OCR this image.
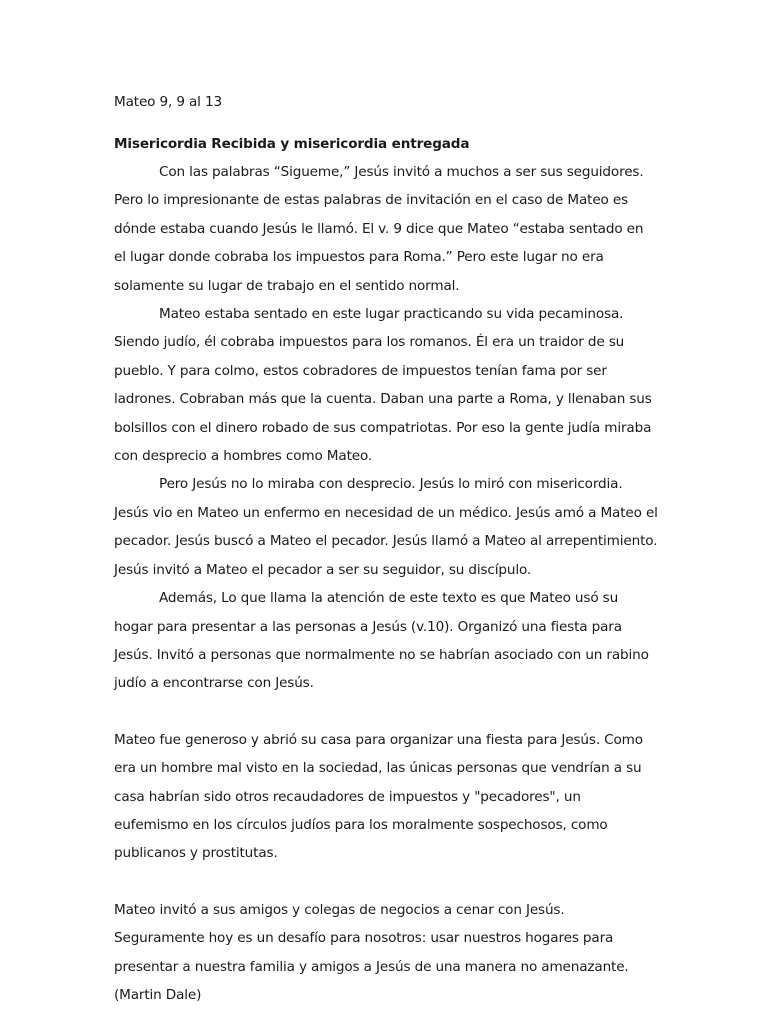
Mateo 9, 9 al 13

Misericordia Recibida y misericordia entregada

Con las palabras “Sigueme,” Jesús invitó a muchos a ser sus seguidores. Pero lo impresionante de estas palabras de invitación en el caso de Mateo es dónde estaba cuando Jesús le llamó. El v. 9 dice que Mateo “estaba sentado en el lugar donde cobraba los impuestos para Roma.” Pero este lugar no era solamente su lugar de trabajo en el sentido normal.

Mateo estaba sentado en este lugar practicando su vida pecaminosa. Siendo judío, él cobraba impuestos para los romanos. Él era un traidor de su pueblo. Y para colmo, estos cobradores de impuestos tenían fama por ser ladrones. Cobraban más que la cuenta. Daban una parte a Roma, y llenaban sus bolsillos con el dinero robado de sus compatriotas. Por eso la gente judía miraba con desprecio a hombres como Mateo.

Pero Jesús no lo miraba con desprecio. Jesús lo miró con misericordia. Jesús vio en Mateo un enfermo en necesidad de un médico. Jesús amó a Mateo el pecador. Jesús buscó a Mateo el pecador. Jesús llamó a Mateo al arrepentimiento. Jesús invitó a Mateo el pecador a ser su seguidor, su discípulo.

Además, Lo que llama la atención de este texto es que Mateo usó su hogar para presentar a las personas a Jesús (v.10). Organizó una fiesta para Jesús. Invitó a personas que normalmente no se habrían asociado con un rabino judío a encontrarse con Jesús.

Mateo fue generoso y abrió su casa para organizar una fiesta para Jesús. Como era un hombre mal visto en la sociedad, las únicas personas que vendrían a su casa habrían sido otros recaudadores de impuestos y "pecadores", un eufemismo en los círculos judíos para los moralmente sospechosos, como publicanos y prostitutas.

Mateo invitó a sus amigos y colegas de negocios a cenar con Jesús. Seguramente hoy es un desafío para nosotros: usar nuestros hogares para presentar a nuestra familia y amigos a Jesús de una manera no amenazante. (Martin Dale)
